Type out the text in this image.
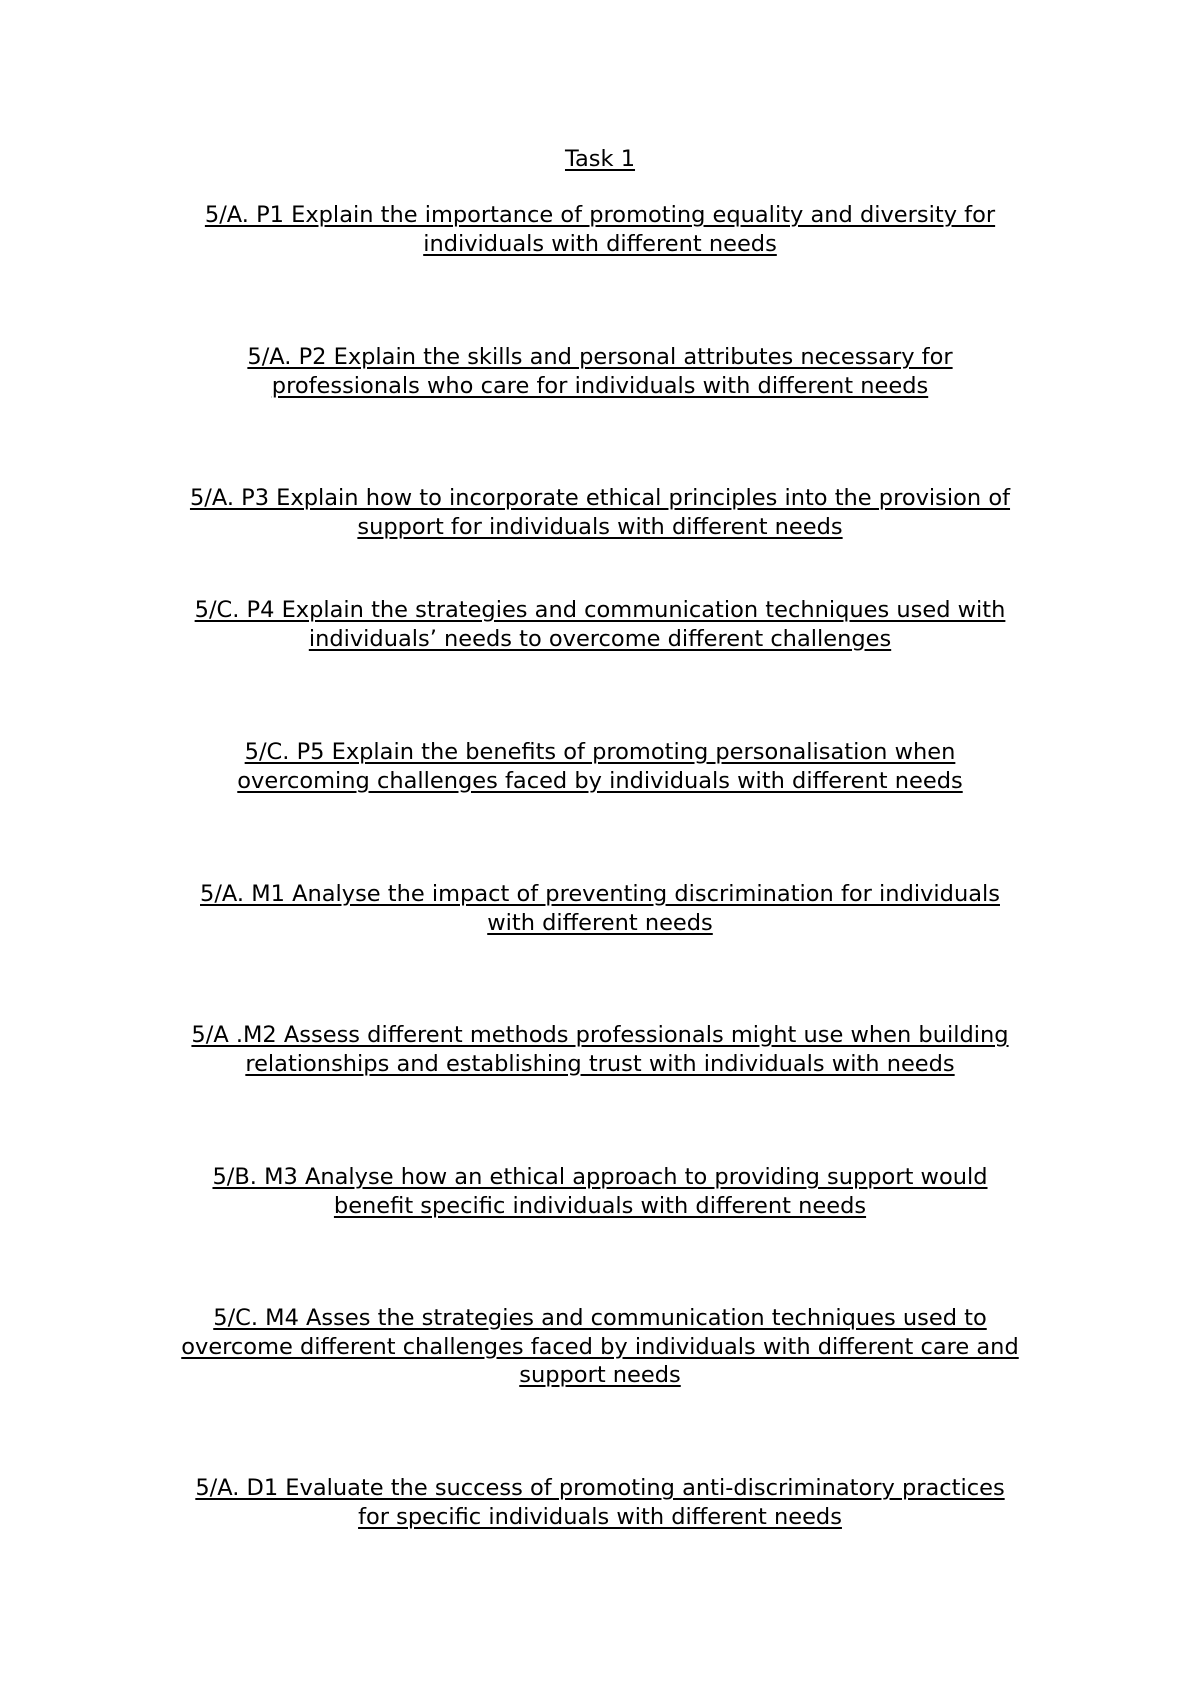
Task 1
5/A. P1 Explain the importance of promoting equality and diversity for
individuals with different needs
5/A. P2 Explain the skills and personal attributes necessary for
professionals who care for individuals with different needs
5/A. P3 Explain how to incorporate ethical principles into the provision of
support for individuals with different needs
5/C. P4 Explain the strategies and communication techniques used with
individuals’ needs to overcome different challenges
5/C. P5 Explain the benefits of promoting personalisation when
overcoming challenges faced by individuals with different needs
5/A. M1 Analyse the impact of preventing discrimination for individuals
with different needs
5/A .M2 Assess different methods professionals might use when building
relationships and establishing trust with individuals with needs
5/B. M3 Analyse how an ethical approach to providing support would
benefit specific individuals with different needs
5/C. M4 Asses the strategies and communication techniques used to
overcome different challenges faced by individuals with different care and
support needs
5/A. D1 Evaluate the success of promoting anti-discriminatory practices
for specific individuals with different needs
